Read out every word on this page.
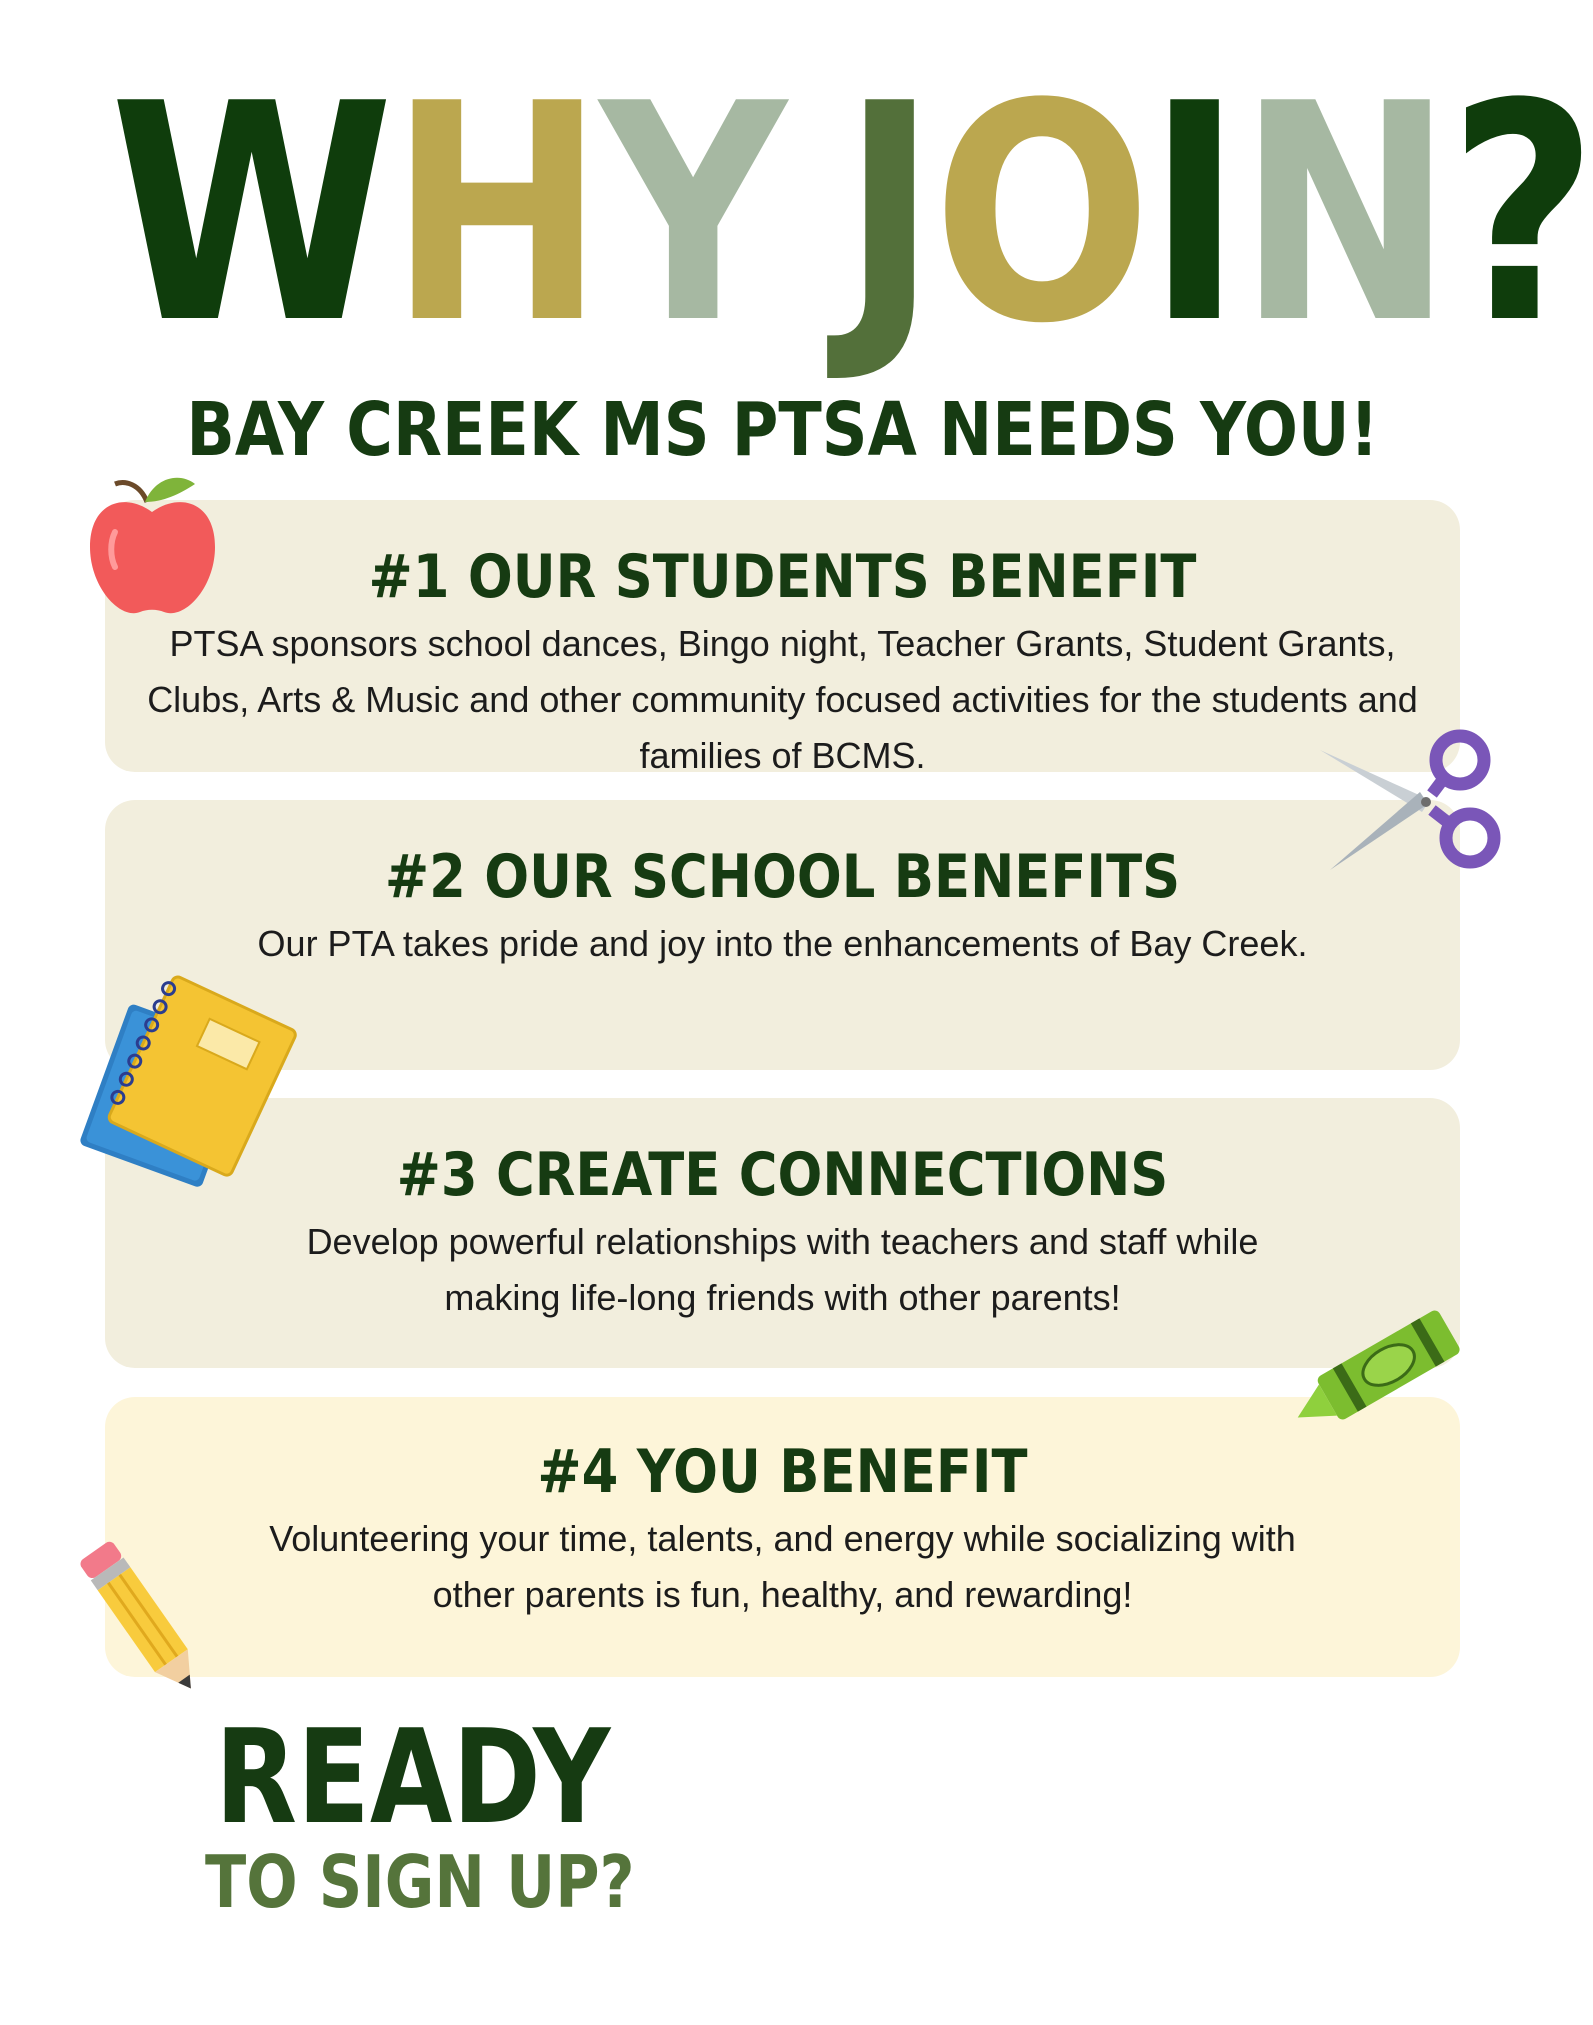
WHY JOIN?
BAY CREEK MS PTSA NEEDS YOU!
#1 OUR STUDENTS BENEFIT
PTSA sponsors school dances, Bingo night, Teacher Grants, Student Grants, Clubs, Arts & Music and other community focused activities for the students and families of BCMS.
#2 OUR SCHOOL BENEFITS
Our PTA takes pride and joy into the enhancements of Bay Creek.
#3 CREATE CONNECTIONS
Develop powerful relationships with teachers and staff while making life-long friends with other parents!
#4 YOU BENEFIT
Volunteering your time, talents, and energy while socializing with other parents is fun, healthy, and rewarding!
READY
TO SIGN UP?
